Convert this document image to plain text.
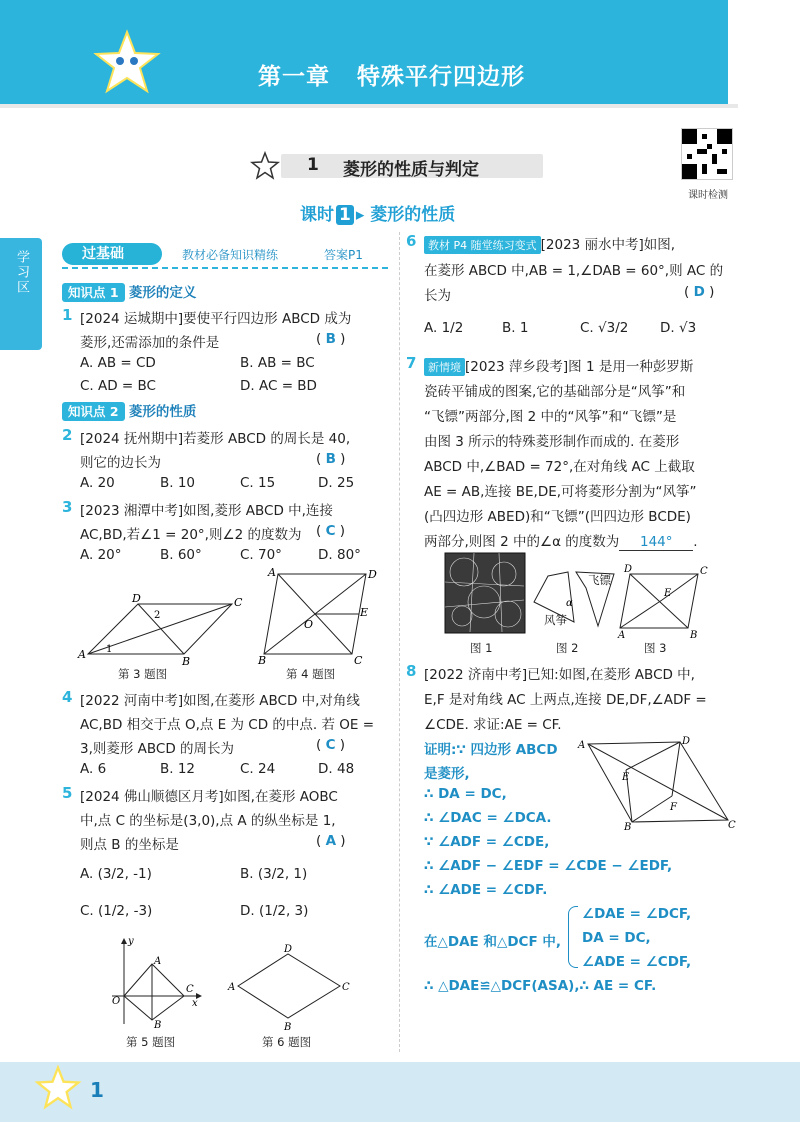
第一章 特殊平行四边形
课时检测
1 菱形的性质与判定
课时 1 ▸ 菱形的性质
学习区	过基础	教材必备知识精练	答案P1
知识点 1 菱形的定义
1 [2024 运城期中]要使平行四边形 ABCD 成为
菱形,还需添加的条件是	( B )
A. AB = CD	B. AB = BC
C. AD = BC	D. AC = BD
知识点 2 菱形的性质
2 [2024 抚州期中]若菱形 ABCD 的周长是 40,
则它的边长为	( B )
A. 20	B. 10	C. 15	D. 25
3 [2023 湘潭中考]如图,菱形 ABCD 中,连接
AC,BD,若∠1 = 20°,则∠2 的度数为 ( C )
A. 20°	B. 60°	C. 70°	D. 80°
A
B
C
D
1
2
第 3 题图
A	D
B	C
O
E
第 4 题图
4 [2022 河南中考]如图,在菱形 ABCD 中,对角线
AC,BD 相交于点 O,点 E 为 CD 的中点. 若 OE =
3,则菱形 ABCD 的周长为	( C )
A. 6	B. 12	C. 24	D. 48
5 [2024 佛山顺德区月考]如图,在菱形 AOBC
中,点 C 的坐标是(3,0),点 A 的纵坐标是 1,
则点 B 的坐标是	( A )
A. (3/2, -1)	B. (3/2, 1)
C. (1/2, -3)	D. (1/2, 3)
O	x
y
A
C
B
第 5 题图
A
D
C
B
第 6 题图
6	教材 P4 随堂练习变式 [2023 丽水中考]如图,
在菱形 ABCD 中,AB = 1,∠DAB = 60°,则 AC 的
长为	( D )
A. 1/2	B. 1	C. √3/2 D. √3
7	新情境 [2023 萍乡段考]图 1 是用一种彭罗斯
瓷砖平铺成的图案,它的基础部分是“风筝”和
“飞镖”两部分,图 2 中的“风筝”和“飞镖”是
由图 3 所示的特殊菱形制作而成的. 在菱形
ABCD 中,∠BAD = 72°,在对角线 AC 上截取
AE = AB,连接 BE,DE,可将菱形分割为“风筝”
(凸四边形 ABED)和“飞镖”(凹四边形 BCDE)
两部分,则图 2 中的∠α 的度数为 144° .
α
飞镖
风筝
D	C
A	B
E
图 1	图 2	图 3
8 [2022 济南中考]已知:如图,在菱形 ABCD 中,
E,F 是对角线 AC 上两点,连接 DE,DF,∠ADF =
∠CDE. 求证:AE = CF.
A	D
C
B
E
F
证明:∵ 四边形 ABCD
是菱形,
∴ DA = DC,
∴ ∠DAC = ∠DCA.
∵ ∠ADF = ∠CDE,
∴ ∠ADF − ∠EDF = ∠CDE − ∠EDF,
∴ ∠ADE = ∠CDF.
在△DAE 和△DCF 中,
∠DAE = ∠DCF,
DA = DC,
∠ADE = ∠CDF,
∴ △DAE≌△DCF(ASA),∴ AE = CF.
1
